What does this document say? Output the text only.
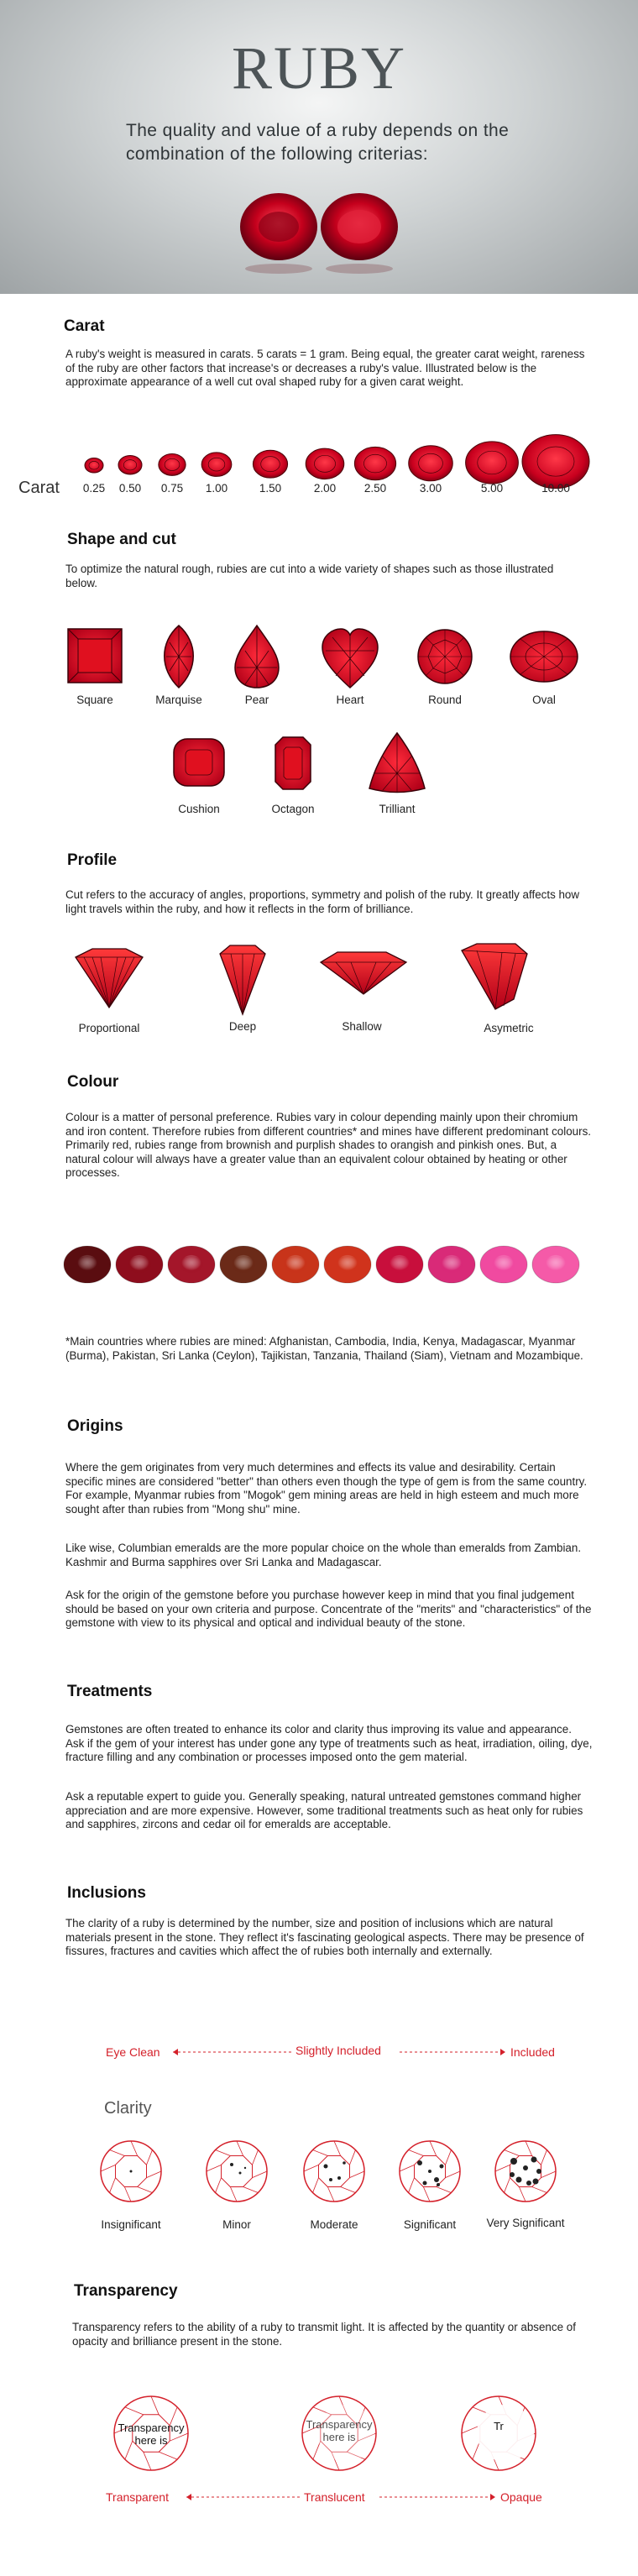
RUBY
The quality and value of a ruby depends on the combination of the following criterias:
Carat
A ruby's weight is measured in carats. 5 carats = 1 gram. Being equal, the greater carat weight, rareness of the ruby are other factors that increase's or decreases a ruby's value. Illustrated below is the approximate appearance of a well cut oval shaped ruby for a given carat weight.
Carat	0.25	0.50	0.75	1.00	1.50	2.00	2.50	3.00	5.00	10.00
Shape and cut
To optimize the natural rough, rubies are cut into a wide variety of shapes such as those illustrated below.
Square	Marquise	Pear	Heart	Round	Oval
Cushion	Octagon	Trilliant
Profile
Cut refers to the accuracy of angles, proportions, symmetry and polish of the ruby. It greatly affects how light travels within the ruby, and how it reflects in the form of brilliance.
Proportional	Deep	Shallow	Asymetric
Colour
Colour is a matter of personal preference. Rubies vary in colour depending mainly upon their chromium and iron content. Therefore rubies from different countries* and mines have different predominant colours. Primarily red, rubies range from brownish and purplish shades to orangish and pinkish ones. But, a natural colour will always have a greater value than an equivalent colour obtained by heating or other processes.
*Main countries where rubies are mined: Afghanistan, Cambodia, India, Kenya, Madagascar, Myanmar (Burma), Pakistan, Sri Lanka (Ceylon), Tajikistan, Tanzania, Thailand (Siam), Vietnam and Mozambique.
Origins
Where the gem originates from very much determines and effects its value and desirability. Certain specific mines are considered "better" than others even though the type of gem is from the same country. For example, Myanmar rubies from "Mogok" gem mining areas are held in high esteem and much more sought after than rubies from "Mong shu" mine.
Like wise, Columbian emeralds are the more popular choice on the whole than emeralds from Zambian. Kashmir and Burma sapphires over Sri Lanka and Madagascar.
Ask for the origin of the gemstone before you purchase however keep in mind that you final judgement should be based on your own criteria and purpose. Concentrate of the "merits" and "characteristics" of the gemstone with view to its physical and optical and individual beauty of the stone.
Treatments
Gemstones are often treated to enhance its color and clarity thus improving its value and appearance. Ask if the gem of your interest has under gone any type of treatments such as heat, irradiation, oiling, dye, fracture filling and any combination or processes imposed onto the gem material.
Ask a reputable expert to guide you. Generally speaking, natural untreated gemstones command higher appreciation and are more expensive. However, some traditional treatments such as heat only for rubies and sapphires, zircons and cedar oil for emeralds are acceptable.
Inclusions
The clarity of a ruby is determined by the number, size and position of inclusions which are natural materials present in the stone. They reflect it's fascinating geological aspects. There may be presence of fissures, fractures and cavities which affect the of rubies both internally and externally.
Eye Clean	Slightly Included	Included
Clarity
Insignificant	Minor	Moderate	Significant	Very Significant
Transparency
Transparency refers to the ability of a ruby to transmit light. It is affected by the quantity or absence of opacity and brilliance present in the stone.
Transparency here is
Transparency here is
Tr
Transparent	Translucent	Opaque
